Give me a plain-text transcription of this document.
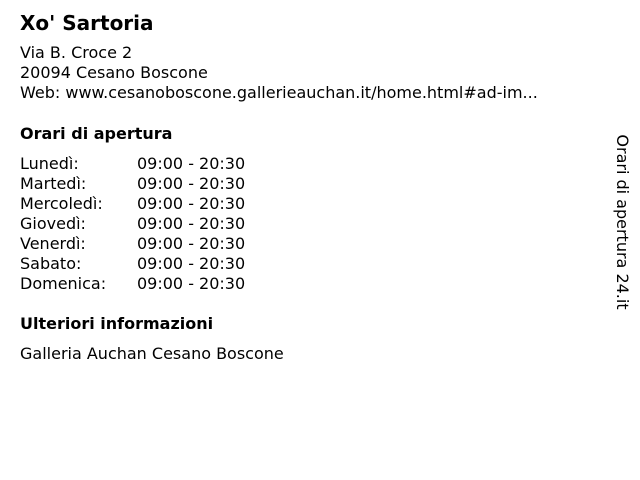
Xo' Sartoria
Via B. Croce 2
20094 Cesano Boscone
Web: www.cesanoboscone.gallerieauchan.it/home.html#ad-im...
Orari di apertura
Lunedì:	09:00 - 20:30
Martedì:	09:00 - 20:30
Mercoledì: 09:00 - 20:30
Giovedì:	09:00 - 20:30
Venerdì:	09:00 - 20:30
Sabato:	09:00 - 20:30
Domenica: 09:00 - 20:30
Ulteriori informazioni
Galleria Auchan Cesano Boscone
Orari di apertura 24.it
